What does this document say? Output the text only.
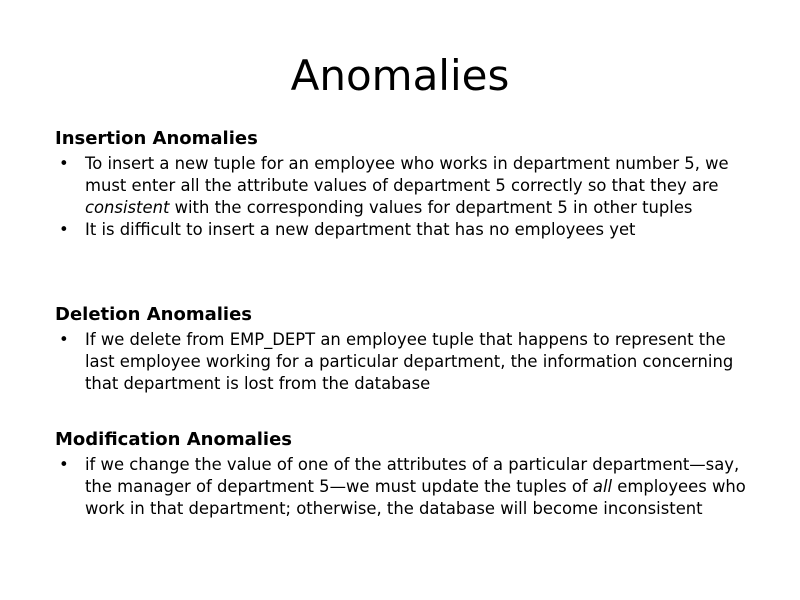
Anomalies
Insertion Anomalies
• To insert a new tuple for an employee who works in department number 5, we must enter all the attribute values of department 5 correctly so that they are consistent with the corresponding values for department 5 in other tuples
• It is difficult to insert a new department that has no employees yet
Deletion Anomalies
• If we delete from EMP_DEPT an employee tuple that happens to represent the last employee working for a particular department, the information concerning that department is lost from the database
Modification Anomalies
• if we change the value of one of the attributes of a particular department—say, the manager of department 5—we must update the tuples of all employees who work in that department; otherwise, the database will become inconsistent
